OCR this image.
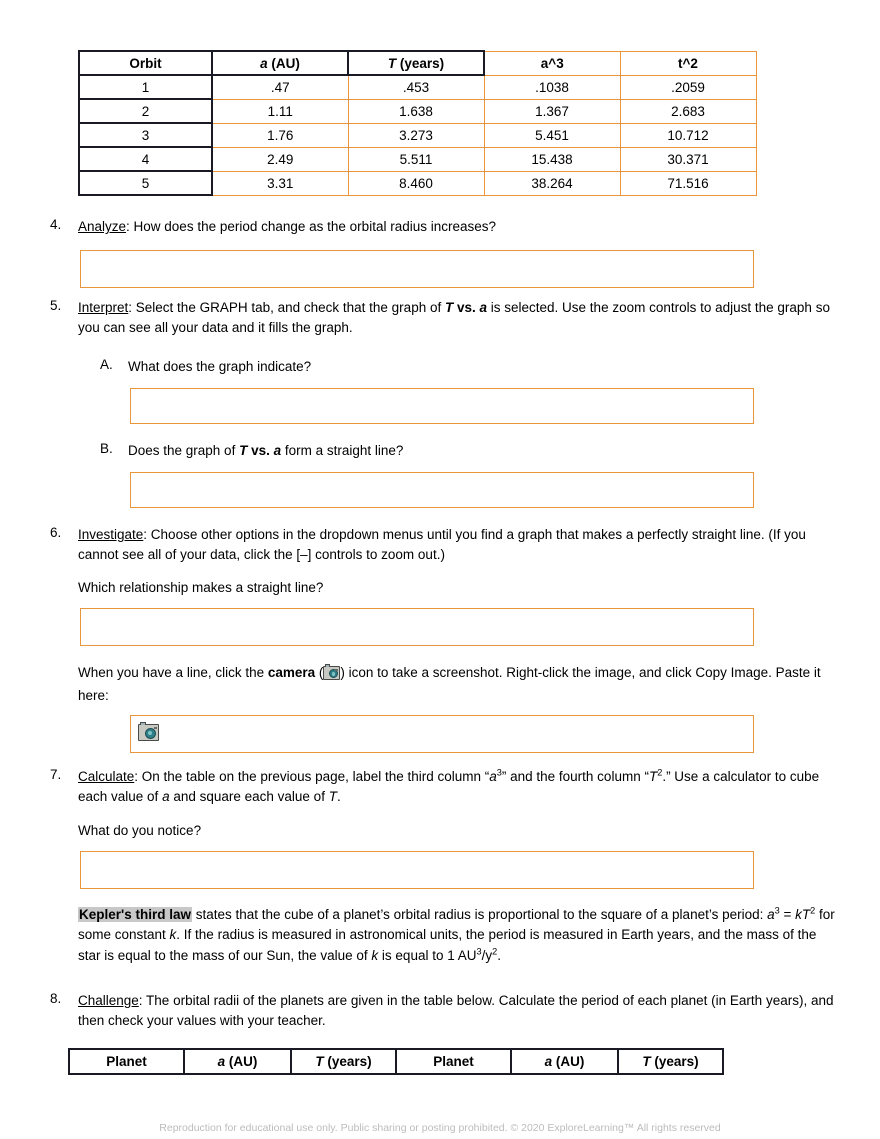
Orbit	a (AU)	T (years)	a^3	t^2
1	.47	.453	.1038	.2059
2	1.11	1.638	1.367	2.683
3	1.76	3.273	5.451	10.712
4	2.49	5.511	15.438	30.371
5	3.31	8.460	38.264	71.516
4.	Analyze: How does the period change as the orbital radius increases?
5.	Interpret: Select the GRAPH tab, and check that the graph of T vs. a is selected. Use the zoom controls to adjust the graph so you can see all your data and it fills the graph.
A.	What does the graph indicate?
B.	Does the graph of T vs. a form a straight line?
6.	Investigate: Choose other options in the dropdown menus until you find a graph that makes a perfectly straight line. (If you cannot see all of your data, click the [–] controls to zoom out.)
Which relationship makes a straight line?
When you have a line, click the camera ( ) icon to take a screenshot. Right-click the image, and click Copy Image. Paste it here:
7.	Calculate: On the table on the previous page, label the third column “$a^3$” and the fourth column “$T^2$.” Use a calculator to cube each value of a and square each value of T.
What do you notice?
Kepler's third law states that the cube of a planet’s orbital radius is proportional to the square of a planet’s period: $a^3 = kT^2$ for some constant k. If the radius is measured in astronomical units, the period is measured in Earth years, and the mass of the star is equal to the mass of our Sun, the value of k is equal to 1 $AU^3/y^2$.
8.	Challenge: The orbital radii of the planets are given in the table below. Calculate the period of each planet (in Earth years), and then check your values with your teacher.
Planet	a (AU)	T (years)	Planet	a (AU)	T (years)
Reproduction for educational use only. Public sharing or posting prohibited. © 2020 ExploreLearning™ All rights reserved
